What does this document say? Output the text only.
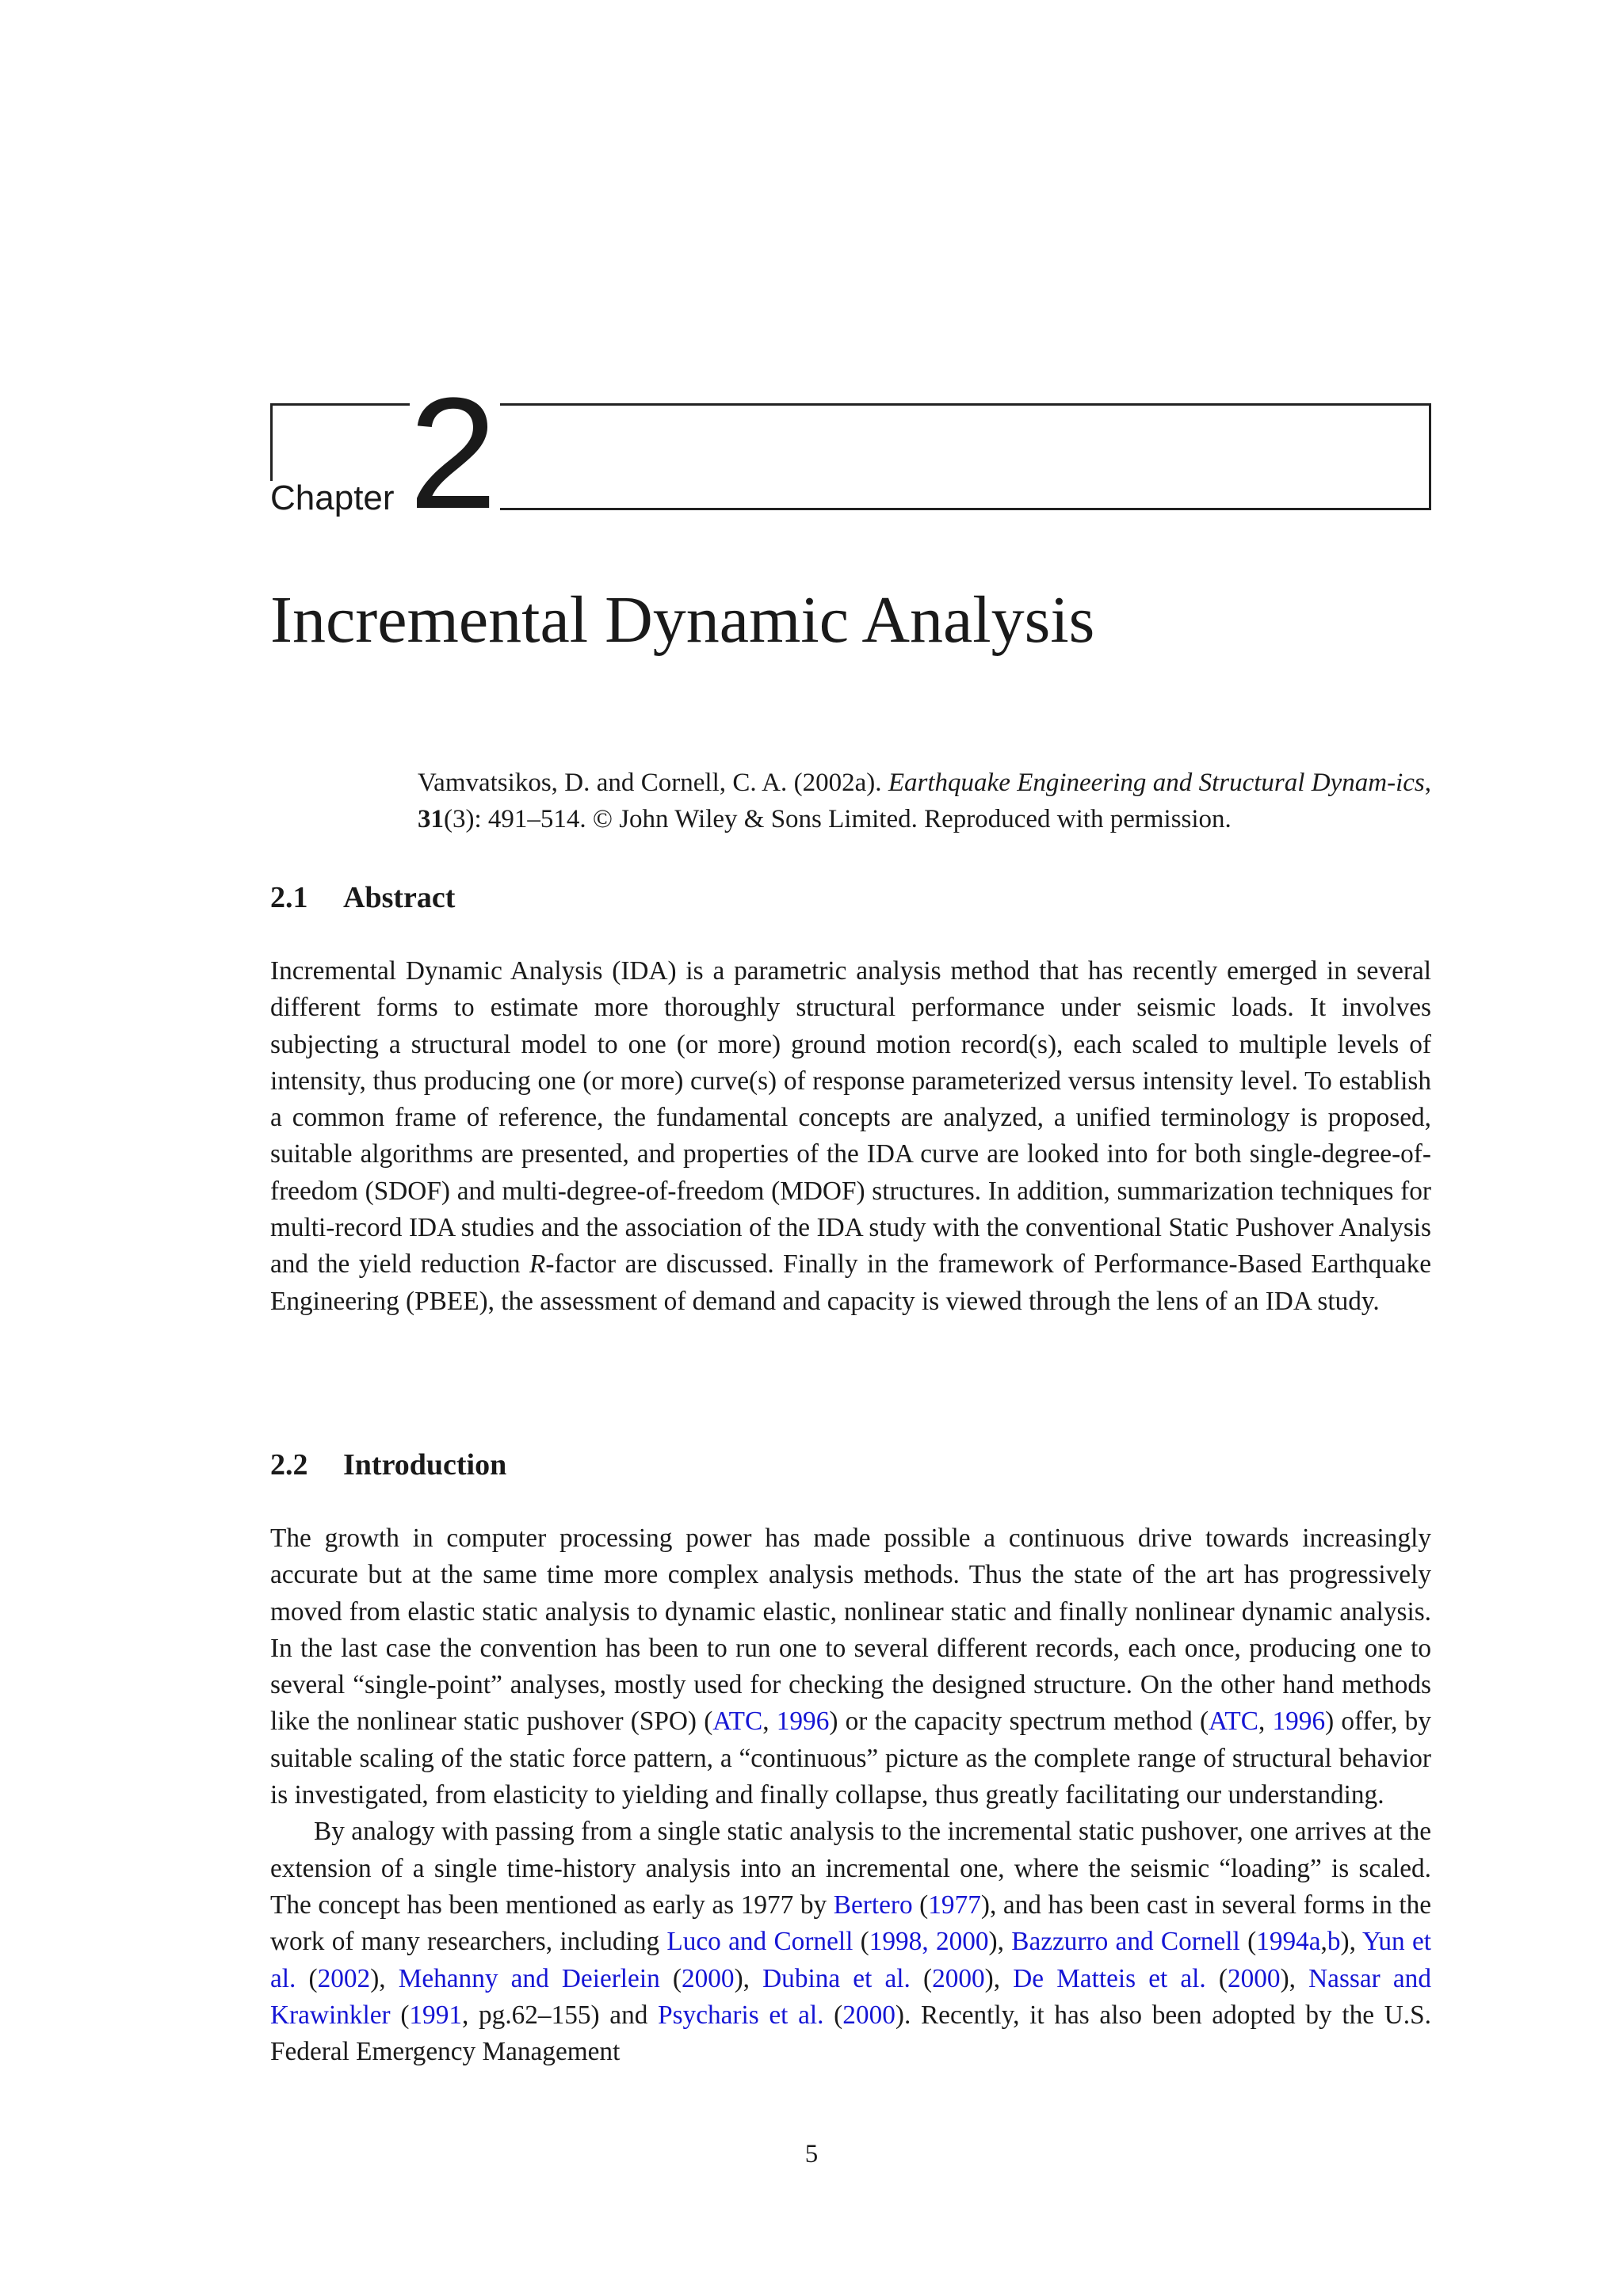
Chapter 2
Incremental Dynamic Analysis
Vamvatsikos, D. and Cornell, C. A. (2002a). Earthquake Engineering and Structural Dynam-ics, 31(3): 491–514. © John Wiley & Sons Limited. Reproduced with permission.
2.1 Abstract

Incremental Dynamic Analysis (IDA) is a parametric analysis method that has recently emerged in several different forms to estimate more thoroughly structural performance under seismic loads. It involves subjecting a structural model to one (or more) ground motion record(s), each scaled to multiple levels of intensity, thus producing one (or more) curve(s) of response parameterized versus intensity level. To establish a common frame of reference, the fundamental concepts are analyzed, a unified terminology is proposed, suitable algorithms are presented, and properties of the IDA curve are looked into for both single-degree-of-freedom (SDOF) and multi-degree-of-freedom (MDOF) structures. In addition, summarization techniques for multi-record IDA studies and the association of the IDA study with the conventional Static Pushover Analysis and the yield reduction R-factor are discussed. Finally in the framework of Performance-Based Earthquake Engineering (PBEE), the assessment of demand and capacity is viewed through the lens of an IDA study.

2.2 Introduction

The growth in computer processing power has made possible a continuous drive towards increasingly accurate but at the same time more complex analysis methods. Thus the state of the art has progressively moved from elastic static analysis to dynamic elastic, nonlinear static and finally nonlinear dynamic analysis. In the last case the convention has been to run one to several different records, each once, producing one to several “single-point” analyses, mostly used for checking the designed structure. On the other hand methods like the nonlinear static pushover (SPO) (ATC, 1996) or the capacity spectrum method (ATC, 1996) offer, by suitable scaling of the static force pattern, a “continuous” picture as the complete range of structural behavior is investigated, from elasticity to yielding and finally collapse, thus greatly facilitating our understanding.

By analogy with passing from a single static analysis to the incremental static pushover, one arrives at the extension of a single time-history analysis into an incremental one, where the seismic “loading” is scaled. The concept has been mentioned as early as 1977 by Bertero (1977), and has been cast in several forms in the work of many researchers, including Luco and Cornell (1998, 2000), Bazzurro and Cornell (1994a,b), Yun et al. (2002), Mehanny and Deierlein (2000), Dubina et al. (2000), De Matteis et al. (2000), Nassar and Krawinkler (1991, pg.62–155) and Psycharis et al. (2000). Recently, it has also been adopted by the U.S. Federal Emergency Management

5
